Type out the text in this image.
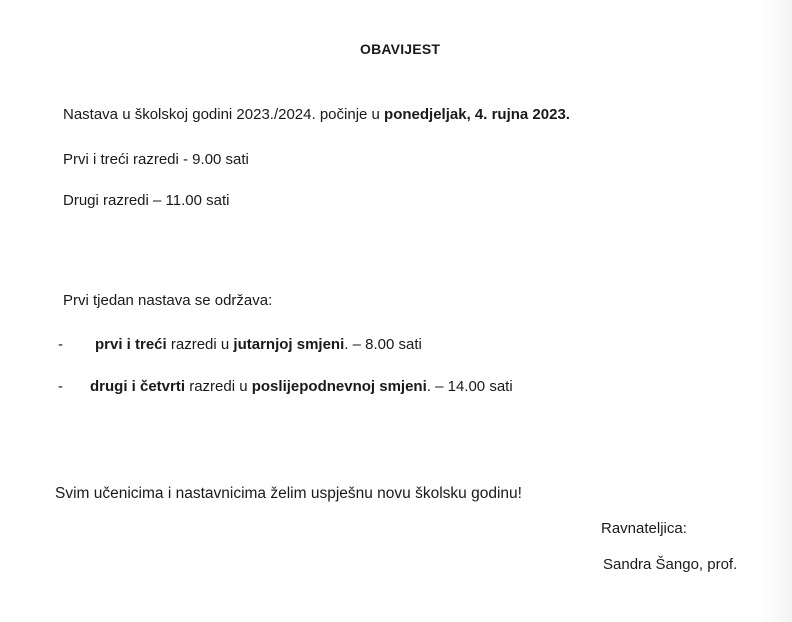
OBAVIJEST
Nastava u školskoj godini 2023./2024. počinje u ponedjeljak, 4. rujna 2023.
Prvi i treći razredi - 9.00 sati
Drugi razredi – 11.00 sati
Prvi tjedan nastava se održava:
- prvi i treći razredi u jutarnjoj smjeni. – 8.00 sati
- drugi i četvrti razredi u poslijepodnevnoj smjeni. – 14.00 sati
Svim učenicima i nastavnicima želim uspješnu novu školsku godinu!
Ravnateljica:
Sandra Šango, prof.
